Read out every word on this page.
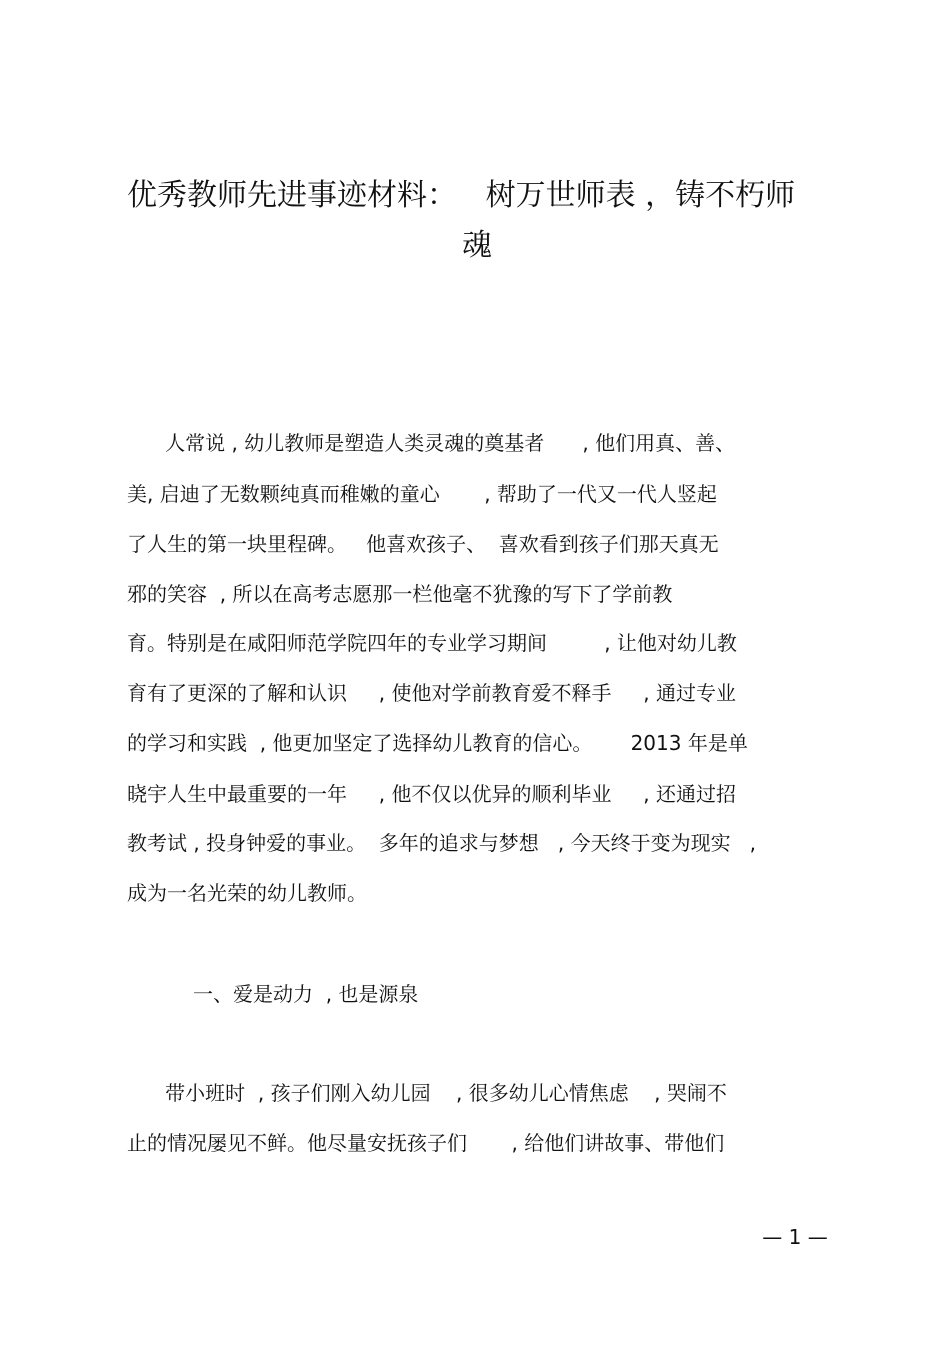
优秀教师先进事迹材料：   树万世师表 ，铸不朽师
魂
人常说 , 幼儿教师是塑造人类灵魂的奠基者      , 他们用真、善、
美, 启迪了无数颗纯真而稚嫩的童心       , 帮助了一代又一代人竖起
了人生的第一块里程碑。   他喜欢孩子、  喜欢看到孩子们那天真无
邪的笑容  , 所以在高考志愿那一栏他毫不犹豫的写下了学前教
育。特别是在咸阳师范学院四年的专业学习期间         , 让他对幼儿教
育有了更深的了解和认识     , 使他对学前教育爱不释手     , 通过专业
的学习和实践  , 他更加坚定了选择幼儿教育的信心。      2013 年是单
晓宇人生中最重要的一年     , 他不仅以优异的顺利毕业     , 还通过招
教考试 , 投身钟爱的事业。  多年的追求与梦想   , 今天终于变为现实   ,
成为一名光荣的幼儿教师。
一、爱是动力  , 也是源泉
带小班时  , 孩子们刚入幼儿园    , 很多幼儿心情焦虑    , 哭闹不
止的情况屡见不鲜。他尽量安抚孩子们       , 给他们讲故事、带他们
— 1 —
